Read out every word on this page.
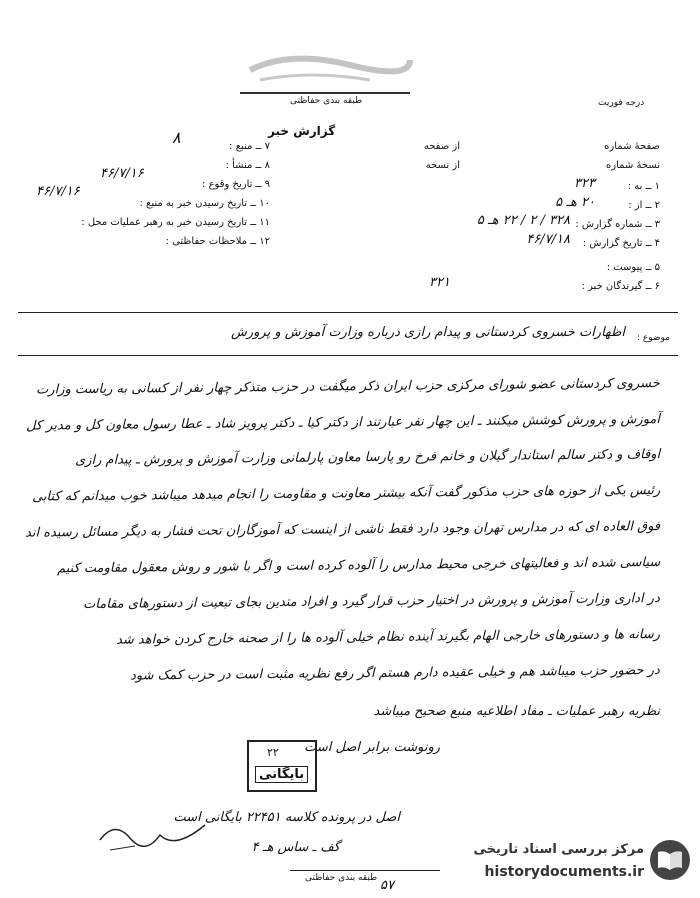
طبقه بندی حفاظتی	درجه فوریت
گزارش خبر
۷ ــ منبع :
۸
۸ ــ منشأ :
۹ ــ تاریخ وقوع :
۴۶/۷/۱۶
۱۰ ــ تاریخ رسیدن خبر به منبع :
۴۶/۷/۱۶
۱۱ ــ تاریخ رسیدن خبر به رهبر عملیات محل :
۱۲ ــ ملاحظات حفاظتی :
صفحهٔ شماره
از صفحه
نسخهٔ شماره
از نسخه
۱ ــ به :
۳۲۳
۲ ــ از :
۲۰ هـ ۵
۳ ــ شماره گزارش :
۳۲۸ / ۲ / ۲۲ هـ ۵
۴ ــ تاریخ گزارش :
۴۶/۷/۱۸
۵ ــ پیوست :
۶ ــ گیرندگان خبر :
۳۲۱
موضوع :
اظهارات خسروی کردستانی و پیدام رازی درباره وزارت آموزش و پرورش
خسروی کردستانی عضو شورای مرکزی حزب ایران ذکر میگفت در حزب متذکر چهار نفر از کسانی به ریاست وزارت
آموزش و پرورش کوشش میکنند ـ این چهار نفر عبارتند از دکتر کیا ـ دکتر پرویز شاد ـ عطا رسول معاون کل و مدیر کل
اوقاف و دکتر سالم استاندار گیلان و خانم فرخ رو پارسا معاون پارلمانی وزارت آموزش و پرورش ـ پیدام رازی
رئیس یکی از حوزه های حزب مذکور گفت آنکه بیشتر معاونت و مقاومت را انجام میدهد میباشد خوب میدانم که کتابی
فوق العاده ای که در مدارس تهران وجود دارد فقط ناشی از اینست که آموزگاران تحت فشار به دیگر مسائل رسیده اند
سیاسی شده اند و فعالیتهای خرجی محیط مدارس را آلوده کرده است و اگر با شور و روش معقول مقاومت کنیم
در اداری وزارت آموزش و پرورش در اختیار حزب قرار گیرد و افراد متدین بجای تبعیت از دستورهای مقامات
رسانه ها و دستورهای خارجی الهام بگیرند آینده نظام خیلی آلوده ها را از صحنه خارج کردن خواهد شد
در حضور حزب میباشد هم و خیلی عقیده دارم هستم اگر رفع نظریه مثبت است در حزب کمک شود
نظریه رهبر عملیات ـ مفاد اطلاعیه منبع صحیح میباشد
رونوشت برابر اصل است
اصل در پرونده کلاسه ۲۲۴۵۱ بایگانی است
گف ـ ساس هـ ۴
۲۲
بایگانی
طبقه بندی حفاظتی ۵۷
مرکز بررسی اسناد تاریخی
historydocuments.ir
